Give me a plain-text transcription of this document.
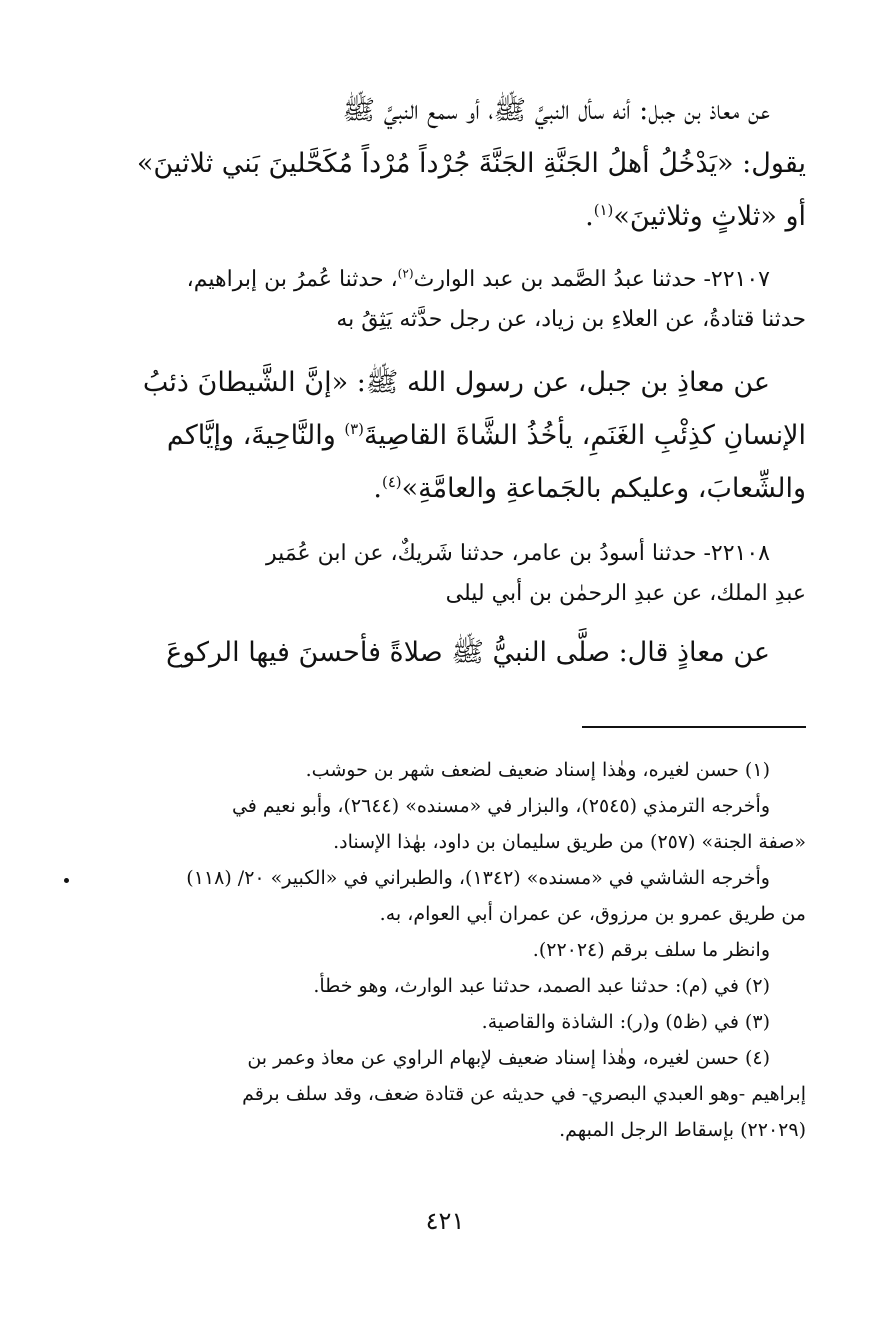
عن معاذ بن جبل: أنه سأل النبيَّ ﷺ، أو سمع النبيَّ ﷺ
يقول: «يَدْخُلُ أهلُ الجَنَّةِ الجَنَّةَ جُرْداً مُرْداً مُكَحَّلينَ بَني ثلاثينَ»
أو «ثلاثٍ وثلاثينَ»$^{(١)}$.
٢٢١٠٧- حدثنا عبدُ الصَّمد بن عبد الوارث$^{(٢)}$، حدثنا عُمرُ بن إبراهيم،
حدثنا قتادةُ، عن العلاءِ بن زياد، عن رجل حدَّثه يَثِقُ به
عن معاذِ بن جبل، عن رسول الله ﷺ: «إنَّ الشَّيطانَ ذئبُ
الإنسانِ كذِئْبِ الغَنَمِ، يأخُذُ الشَّاةَ القاصِيةَ$^{(٣)}$ والنَّاحِيةَ، وإيَّاكم
والشِّعابَ، وعليكم بالجَماعةِ والعامَّةِ»$^{(٤)}$.
٢٢١٠٨- حدثنا أسودُ بن عامر، حدثنا شَريكٌ، عن ابن عُمَير
عبدِ الملك، عن عبدِ الرحمٰن بن أبي ليلى
عن معاذٍ قال: صلَّى النبيُّ ﷺ صلاةً فأحسنَ فيها الركوعَ
(١) حسن لغيره، وهٰذا إسناد ضعيف لضعف شهر بن حوشب.
وأخرجه الترمذي (٢٥٤٥)، والبزار في «مسنده» (٢٦٤٤)، وأبو نعيم في
«صفة الجنة» (٢٥٧) من طريق سليمان بن داود، بهٰذا الإسناد.
وأخرجه الشاشي في «مسنده» (١٣٤٢)، والطبراني في «الكبير» ٢٠/ (١١٨)
من طريق عمرو بن مرزوق، عن عمران أبي العوام، به.
وانظر ما سلف برقم (٢٢٠٢٤).
(٢) في (م): حدثنا عبد الصمد، حدثنا عبد الوارث، وهو خطأ.
(٣) في (ظ٥) و(ر): الشاذة والقاصية.
(٤) حسن لغيره، وهٰذا إسناد ضعيف لإبهام الراوي عن معاذ وعمر بن
إبراهيم -وهو العبدي البصري- في حديثه عن قتادة ضعف، وقد سلف برقم
(٢٢٠٢٩) بإسقاط الرجل المبهم.
٤٢١
